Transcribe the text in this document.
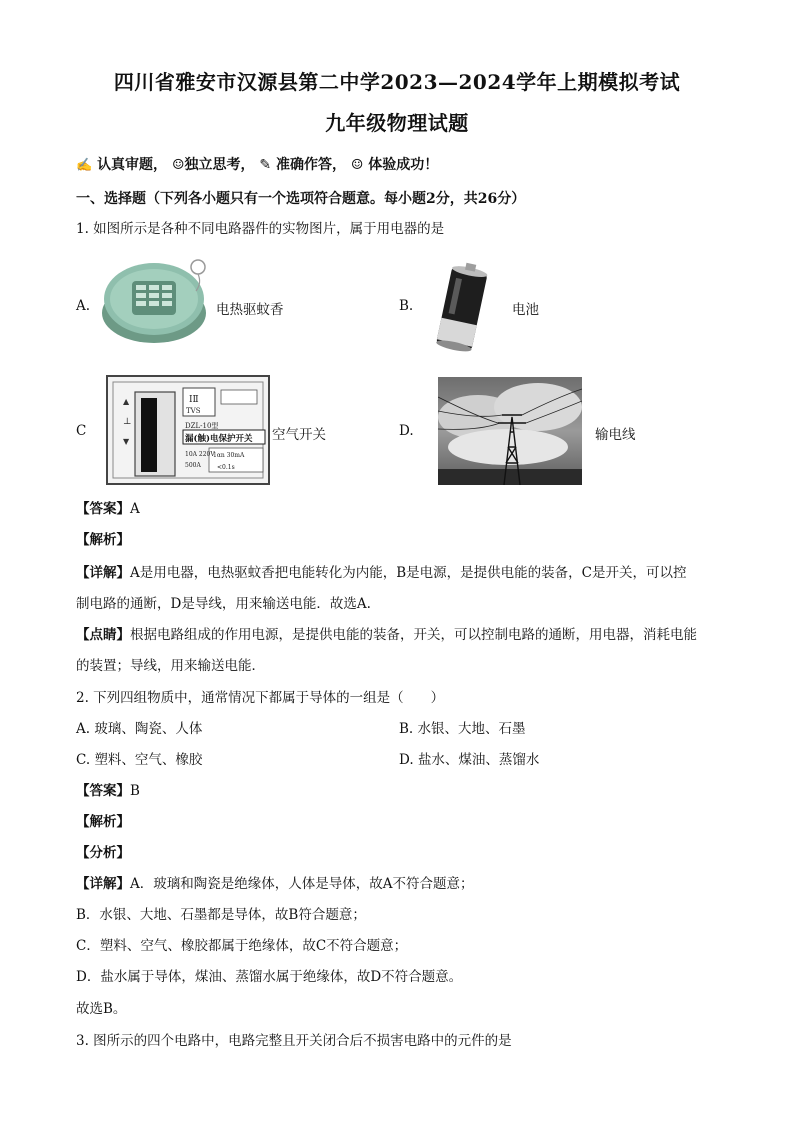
四川省雅安市汉源县第二中学2023—2024学年上期模拟考试
九年级物理试题
✍ 认真审题， ☺独立思考， ✎ 准确作答， ☺ 体验成功！
一、选择题（下列各小题只有一个选项符合题意。每小题2分，共26分）
1. 如图所示是各种不同电路器件的实物图片，属于用电器的是
A.	电热驱蚊香	B.	电池
C
▲
⊥
▼
ⅠⅡ
TVS
DZL-10型
漏(触)电保护开关
10A 220V
1αn 30mA
500A	<0.1s
空气开关	D.	输电线
【答案】A
【解析】
【详解】A是用电器，电热驱蚊香把电能转化为内能，B是电源，是提供电能的装备，C是开关，可以控
制电路的通断，D是导线，用来输送电能．故选A.
【点睛】根据电路组成的作用电源，是提供电能的装备，开关，可以控制电路的通断，用电器，消耗电能
的装置；导线，用来输送电能．
2. 下列四组物质中，通常情况下都属于导体的一组是（　　）
A. 玻璃、陶瓷、人体	B. 水银、大地、石墨
C. 塑料、空气、橡胶	D. 盐水、煤油、蒸馏水
【答案】B
【解析】
【分析】
【详解】A．玻璃和陶瓷是绝缘体，人体是导体，故A不符合题意；
B．水银、大地、石墨都是导体，故B符合题意；
C．塑料、空气、橡胶都属于绝缘体，故C不符合题意；
D．盐水属于导体，煤油、蒸馏水属于绝缘体，故D不符合题意。
故选B。
3. 图所示的四个电路中，电路完整且开关闭合后不损害电路中的元件的是
